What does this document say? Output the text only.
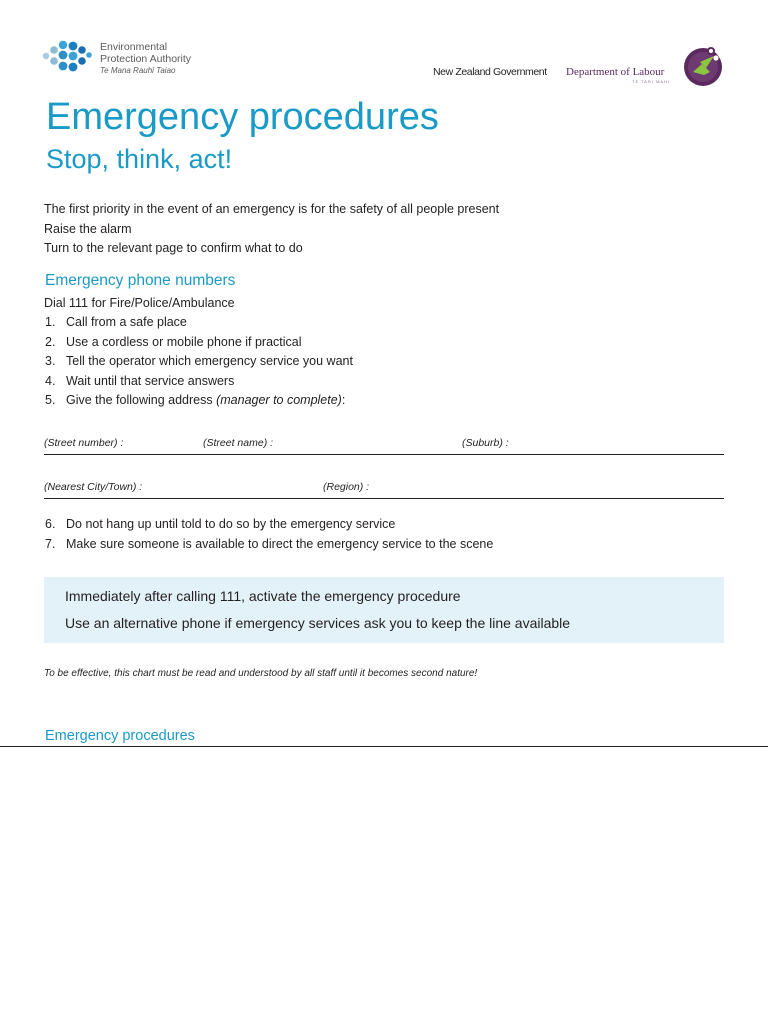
Environmental
Protection Authority
Te Mana Rauhī Taiao	New Zealand Government Department of Labour
TE TARI MAHI
Emergency procedures
Stop, think, act!
The first priority in the event of an emergency is for the safety of all people present
Raise the alarm
Turn to the relevant page to confirm what to do
Emergency phone numbers
Dial 111 for Fire/Police/Ambulance
1. Call from a safe place
2. Use a cordless or mobile phone if practical
3. Tell the operator which emergency service you want
4. Wait until that service answers
5. Give the following address (manager to complete):
(Street number) :	(Street name) :	(Suburb) :
(Nearest City/Town) :	(Region) :
6. Do not hang up until told to do so by the emergency service
7. Make sure someone is available to direct the emergency service to the scene
Immediately after calling 111, activate the emergency procedure
Use an alternative phone if emergency services ask you to keep the line available
To be effective, this chart must be read and understood by all staff until it becomes second nature!
Emergency procedures
